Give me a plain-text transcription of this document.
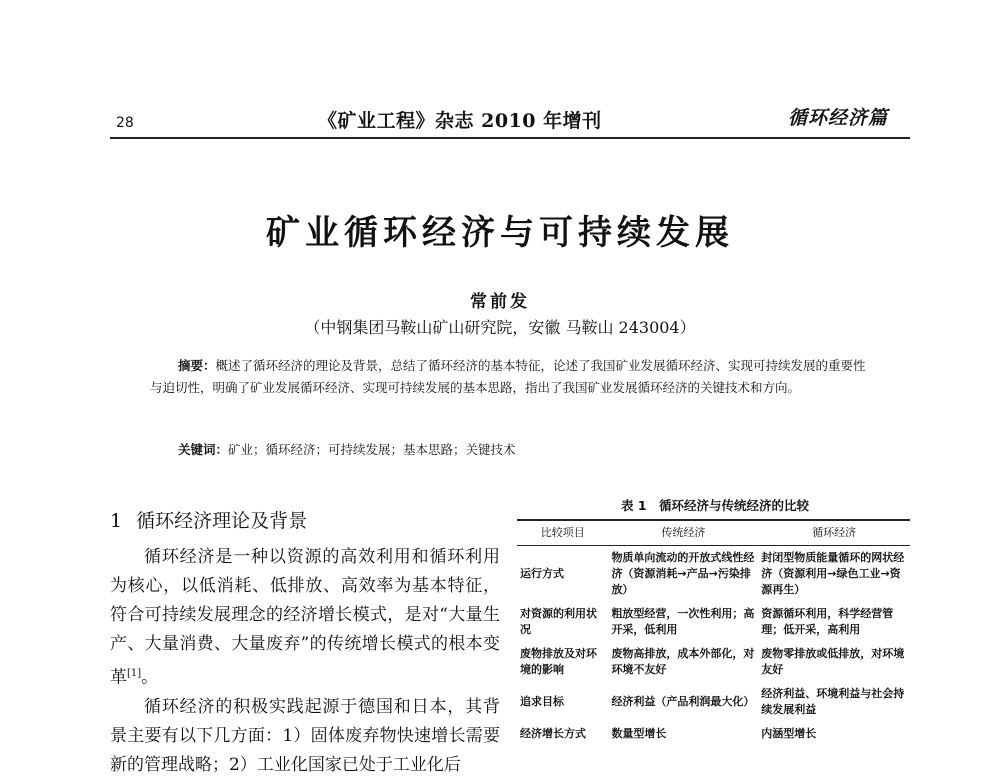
28	《矿业工程》杂志 2010 年增刊	循环经济篇
矿业循环经济与可持续发展
常前发
（中钢集团马鞍山矿山研究院，安徽 马鞍山 243004）
摘要：概述了循环经济的理论及背景，总结了循环经济的基本特征，论述了我国矿业发展循环经济、实现可持续发展的重要性与迫切性，明确了矿业发展循环经济、实现可持续发展的基本思路，指出了我国矿业发展循环经济的关键技术和方向。
关键词：矿业；循环经济；可持续发展；基本思路；关键技术
1 循环经济理论及背景

循环经济是一种以资源的高效利用和循环利用为核心，以低消耗、低排放、高效率为基本特征，符合可持续发展理念的经济增长模式，是对“大量生产、大量消费、大量废弃”的传统增长模式的根本变革[1]。

循环经济的积极实践起源于德国和日本，其背景主要有以下几方面：1）固体废弃物快速增长需要新的管理战略；2）工业化国家已处于工业化后

表 1　循环经济与传统经济的比较
比较项目	传统经济	循环经济
运行方式	物质单向流动的开放式线性经济（资源消耗→产品→污染排放）	封闭型物质能量循环的网状经济（资源利用→绿色工业→资源再生）
对资源的利用状况	粗放型经营，一次性利用；高开采，低利用	资源循环利用，科学经营管理；低开采，高利用
废物排放及对环境的影响	废物高排放，成本外部化，对环境不友好	废物零排放或低排放，对环境友好
追求目标	经济利益（产品利润最大化）	经济利益、环境利益与社会持续发展利益
经济增长方式	数量型增长	内涵型增长
